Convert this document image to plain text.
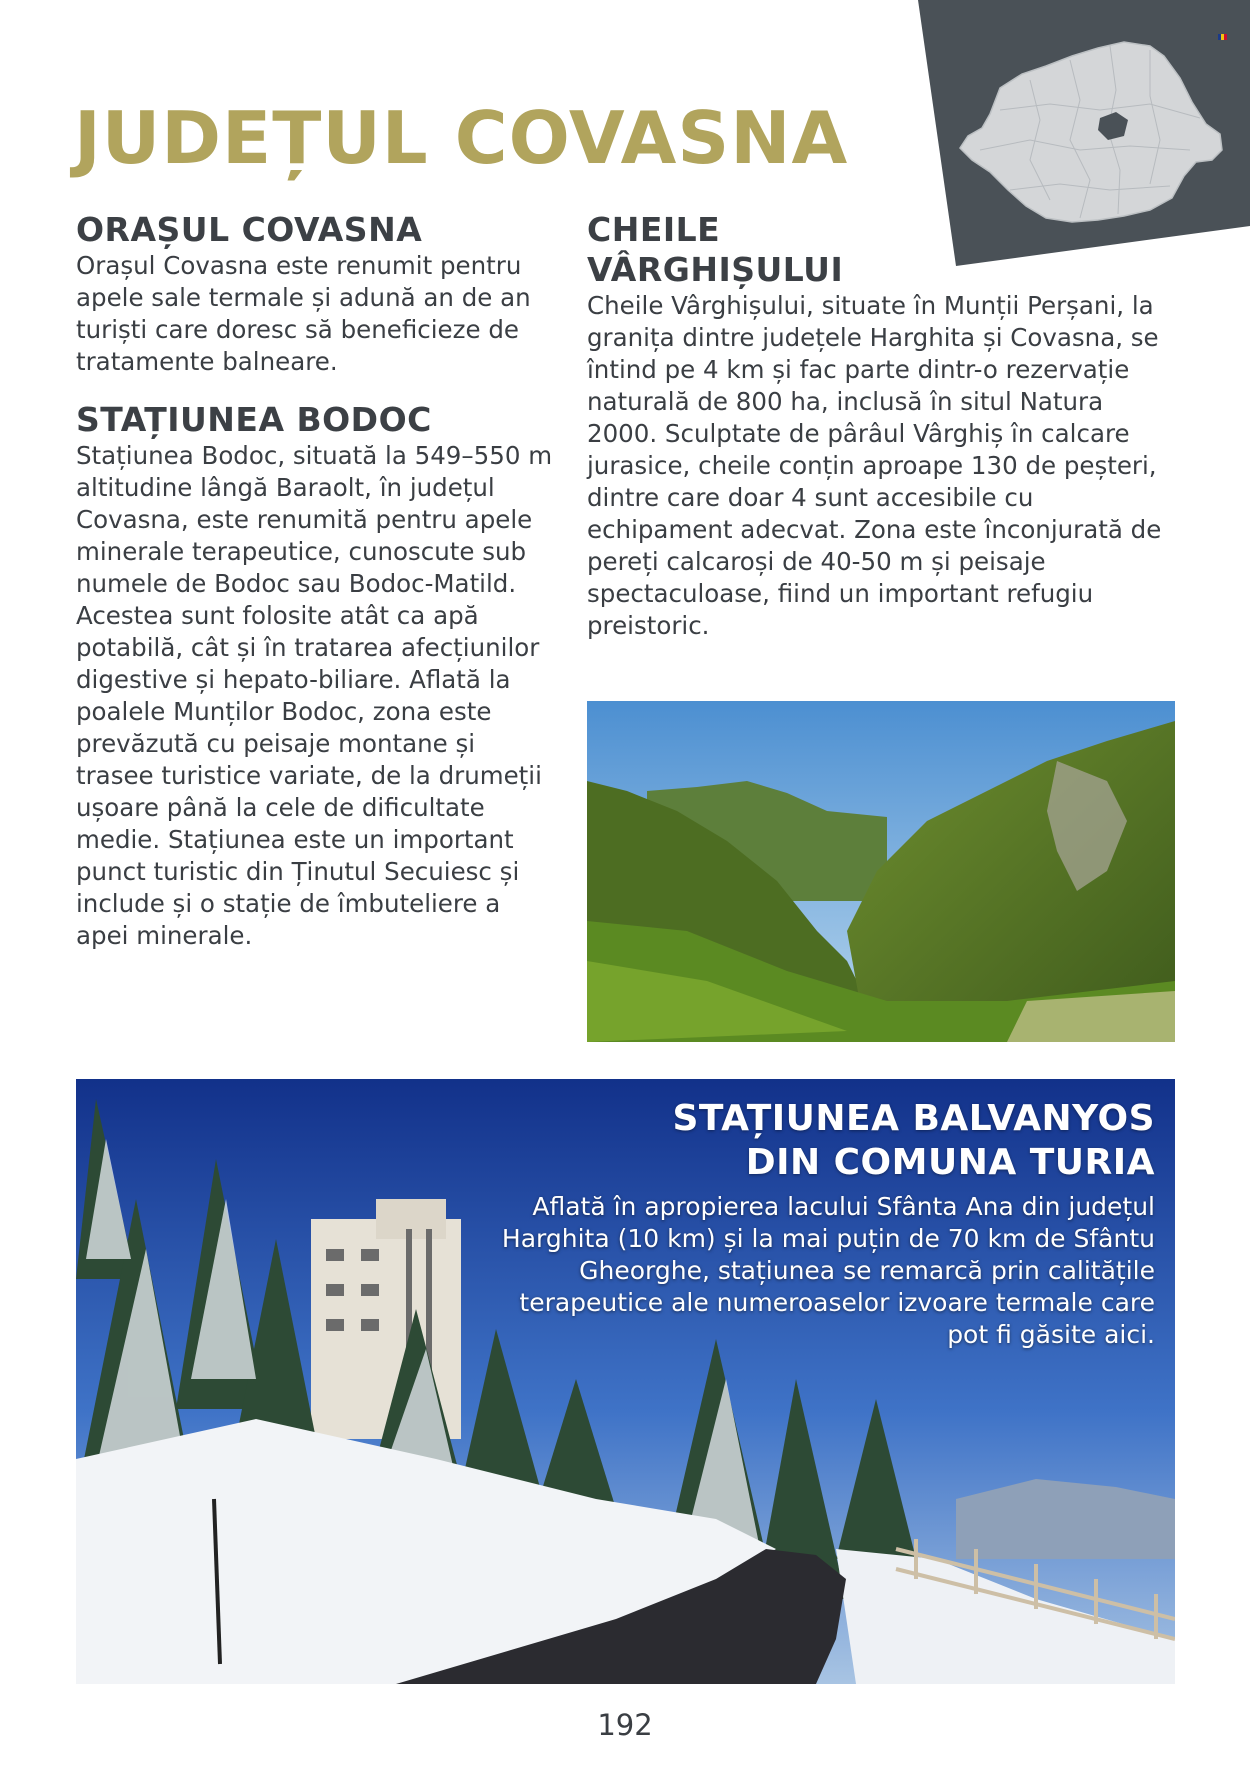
JUDEȚUL COVASNA
ORAȘUL COVASNA

Orașul Covasna este renumit pentru apele sale termale și adună an de an turiști care doresc să beneficieze de tratamente balneare.

STAȚIUNEA BODOC

Stațiunea Bodoc, situată la 549–550 m altitudine lângă Baraolt, în județul Covasna, este renumită pentru apele minerale terapeutice, cunoscute sub numele de Bodoc sau Bodoc-Matild. Acestea sunt folosite atât ca apă potabilă, cât și în tratarea afecțiunilor digestive și hepato-biliare. Aflată la poalele Munților Bodoc, zona este prevăzută cu peisaje montane și trasee turistice variate, de la drumeții ușoare până la cele de dificultate medie. Stațiunea este un important punct turistic din Ținutul Secuiesc și include și o stație de îmbuteliere a apei minerale.

CHEILE VÂRGHIȘULUI

Cheile Vârghișului, situate în Munții Perșani, la granița dintre județele Harghita și Covasna, se întind pe 4 km și fac parte dintr-o rezervație naturală de 800 ha, inclusă în situl Natura 2000. Sculptate de pârâul Vârghiș în calcare jurasice, cheile conțin aproape 130 de peșteri, dintre care doar 4 sunt accesibile cu echipament adecvat. Zona este înconjurată de pereți calcaroși de 40-50 m și peisaje spectaculoase, fiind un important refugiu preistoric.

STAȚIUNEA BALVANYOS
DIN COMUNA TURIA

Aflată în apropierea lacului Sfânta Ana din județul Harghita (10 km) și la mai puțin de 70 km de Sfântu Gheorghe, stațiunea se remarcă prin calitățile terapeutice ale numeroaselor izvoare termale care pot fi găsite aici.

192
